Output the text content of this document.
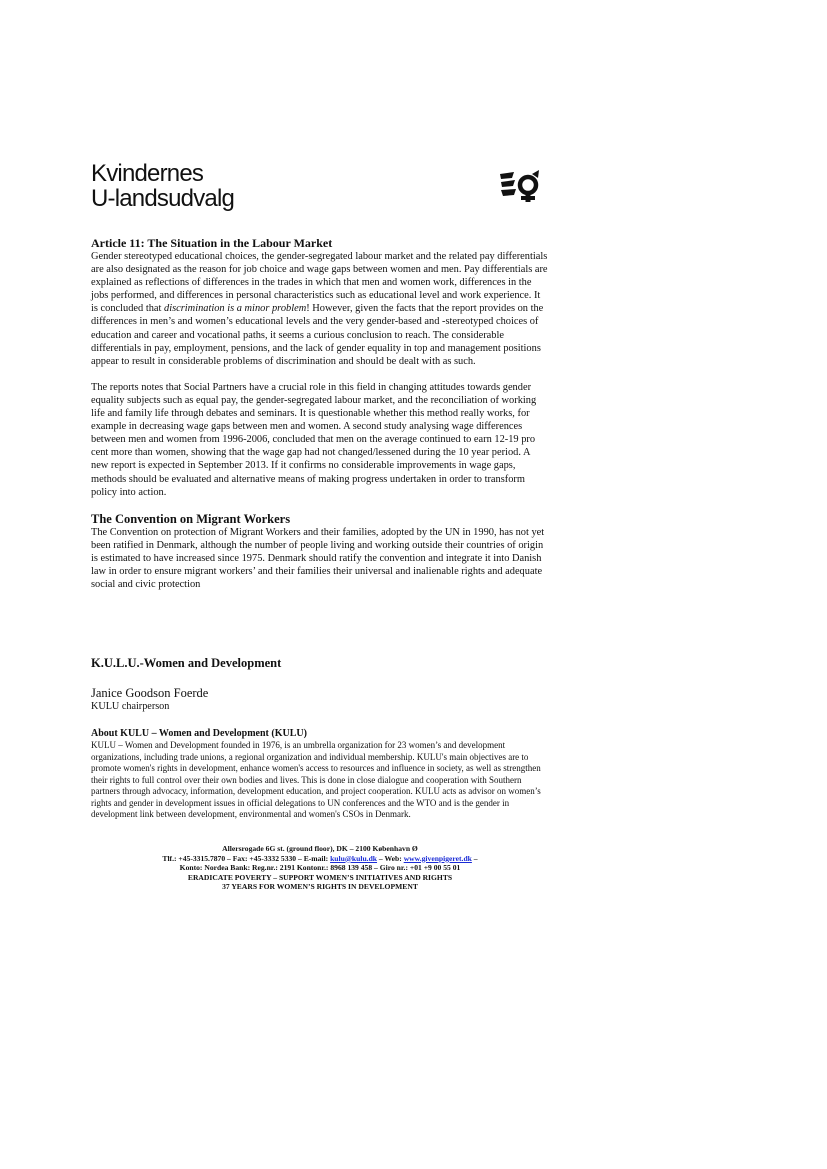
Kvindernes
U-landsudvalg

Article 11: The Situation in the Labour Market

Gender stereotyped educational choices, the gender-segregated labour market and the related pay differentials are also designated as the reason for job choice and wage gaps between women and men. Pay differentials are explained as reflections of differences in the trades in which that men and women work, differences in the jobs performed, and differences in personal characteristics such as educational level and work experience. It is concluded that discrimination is a minor problem! However, given the facts that the report provides on the differences in men’s and women’s educational levels and the very gender-based and -stereotyped choices of education and career and vocational paths, it seems a curious conclusion to reach. The considerable differentials in pay, employment, pensions, and the lack of gender equality in top and management positions appear to result in considerable problems of discrimination and should be dealt with as such.

The reports notes that Social Partners have a crucial role in this field in changing attitudes towards gender equality subjects such as equal pay, the gender-segregated labour market, and the reconciliation of working life and family life through debates and seminars. It is questionable whether this method really works, for example in decreasing wage gaps between men and women. A second study analysing wage differences between men and women from 1996-2006, concluded that men on the average continued to earn 12-19 pro cent more than women, showing that the wage gap had not changed/lessened during the 10 year period. A new report is expected in September 2013. If it confirms no considerable improvements in wage gaps, methods should be evaluated and alternative means of making progress undertaken in order to transform policy into action.

The Convention on Migrant Workers

The Convention on protection of Migrant Workers and their families, adopted by the UN in 1990, has not yet been ratified in Denmark, although the number of people living and working outside their countries of origin is estimated to have increased since 1975. Denmark should ratify the convention and integrate it into Danish law in order to ensure migrant workers’ and their families their universal and inalienable rights and adequate social and civic protection

K.U.L.U.-Women and Development
Janice Goodson Foerde
KULU chairperson

About KULU – Women and Development (KULU)

KULU – Women and Development founded in 1976, is an umbrella organization for 23 women’s and development organizations, including trade unions, a regional organization and individual membership. KULU's main objectives are to promote women's rights in development, enhance women's access to resources and influence in society, as well as strengthen their rights to full control over their own bodies and lives. This is done in close dialogue and cooperation with Southern partners through advocacy, information, development education, and project cooperation. KULU acts as advisor on women’s rights and gender in development issues in official delegations to UN conferences and the WTO and is the gender in development link between development, environmental and women's CSOs in Denmark.

Allersrogade 6G st. (ground floor), DK – 2100 København Ø
Tlf.: +45-3315.7870 – Fax: +45-3332 5330 – E-mail: kulu@kulu.dk – Web: www.givenpigeret.dk –
Konto: Nordea Bank: Reg.nr.: 2191 Kontonr.: 8968 139 458 – Giro nr.: +01 +9 00 55 01
ERADICATE POVERTY – SUPPORT WOMEN’S INITIATIVES AND RIGHTS
37 YEARS FOR WOMEN’S RIGHTS IN DEVELOPMENT
